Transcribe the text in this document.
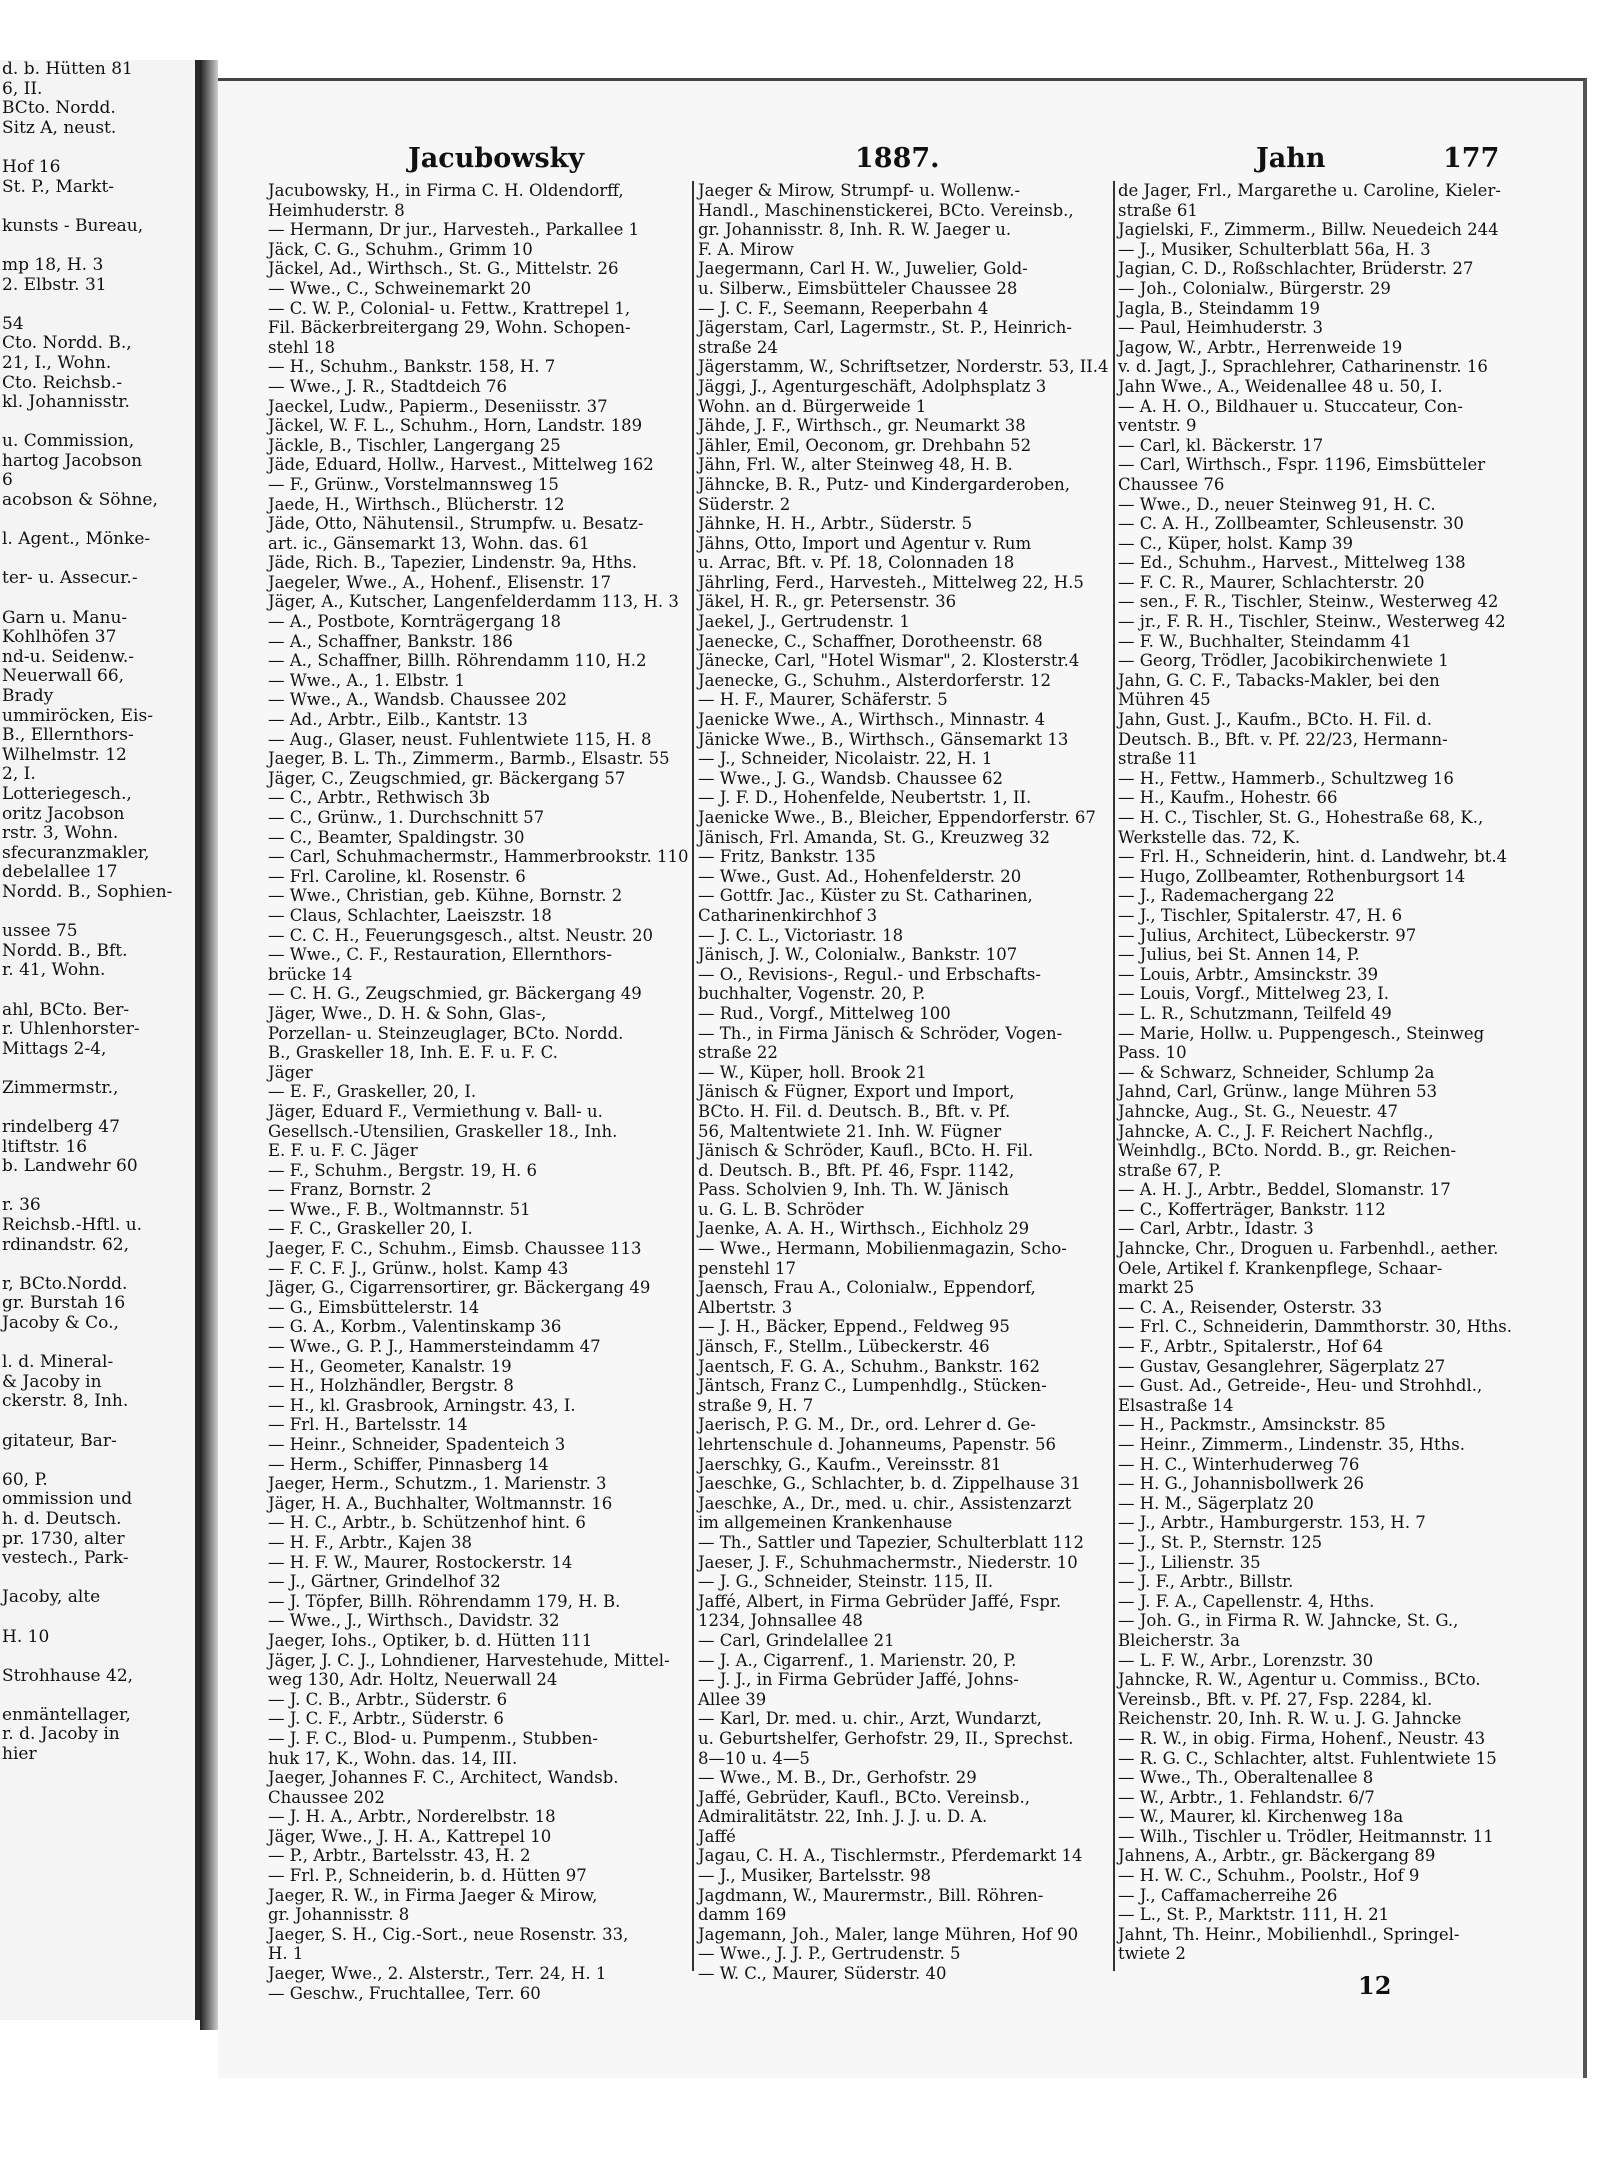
d. b. Hütten 81
6, II.
BCto. Nordd.
Sitz A, neust.

Hof 16
St. P., Markt-

kunsts - Bureau,

mp 18, H. 3
2. Elbstr. 31

54
Cto. Nordd. B.,
21, I., Wohn.
Cto. Reichsb.-
kl. Johannisstr.

u. Commission,
hartog Jacobson
6
acobson & Söhne,

l. Agent., Mönke-

ter- u. Assecur.-

Garn u. Manu-
Kohlhöfen 37
nd-u. Seidenw.-
Neuerwall 66,
Brady
ummiröcken, Eis-
B., Ellernthors-
Wilhelmstr. 12
2, I.
Lotteriegesch.,
oritz Jacobson
rstr. 3, Wohn.
sfecuranzmakler,
debelallee 17
Nordd. B., Sophien-

ussee 75
Nordd. B., Bft.
r. 41, Wohn.

ahl, BCto. Ber-
r. Uhlenhorster-
Mittags 2-4,

Zimmermstr.,

rindelberg 47
ltiftstr. 16
b. Landwehr 60

r. 36
Reichsb.-Hftl. u.
rdinandstr. 62,

r, BCto.Nordd.
gr. Burstah 16
Jacoby & Co.,

l. d. Mineral-
& Jacoby in
ckerstr. 8, Inh.

gitateur, Bar-

60, P.
ommission und
h. d. Deutsch.
pr. 1730, alter
vestech., Park-

Jacoby, alte

H. 10

Strohhause 42,

enmäntellager,
r. d. Jacoby in
hier
Jacubowsky	1887.	Jahn	177
Jacubowsky, H., in Firma C. H. Oldendorff,
Heimhuderstr. 8
— Hermann, Dr jur., Harvesteh., Parkallee 1
Jäck, C. G., Schuhm., Grimm 10
Jäckel, Ad., Wirthsch., St. G., Mittelstr. 26
— Wwe., C., Schweinemarkt 20
— C. W. P., Colonial- u. Fettw., Krattrepel 1,
Fil. Bäckerbreitergang 29, Wohn. Schopen-
stehl 18
— H., Schuhm., Bankstr. 158, H. 7
— Wwe., J. R., Stadtdeich 76
Jaeckel, Ludw., Papierm., Deseniisstr. 37
Jäckel, W. F. L., Schuhm., Horn, Landstr. 189
Jäckle, B., Tischler, Langergang 25
Jäde, Eduard, Hollw., Harvest., Mittelweg 162
— F., Grünw., Vorstelmannsweg 15
Jaede, H., Wirthsch., Blücherstr. 12
Jäde, Otto, Nähutensil., Strumpfw. u. Besatz-
art. ic., Gänsemarkt 13, Wohn. das. 61
Jäde, Rich. B., Tapezier, Lindenstr. 9a, Hths.
Jaegeler, Wwe., A., Hohenf., Elisenstr. 17
Jäger, A., Kutscher, Langenfelderdamm 113, H. 3
— A., Postbote, Kornträgergang 18
— A., Schaffner, Bankstr. 186
— A., Schaffner, Billh. Röhrendamm 110, H.2
— Wwe., A., 1. Elbstr. 1
— Wwe., A., Wandsb. Chaussee 202
— Ad., Arbtr., Eilb., Kantstr. 13
— Aug., Glaser, neust. Fuhlentwiete 115, H. 8
Jaeger, B. L. Th., Zimmerm., Barmb., Elsastr. 55
Jäger, C., Zeugschmied, gr. Bäckergang 57
— C., Arbtr., Rethwisch 3b
— C., Grünw., 1. Durchschnitt 57
— C., Beamter, Spaldingstr. 30
— Carl, Schuhmachermstr., Hammerbrookstr. 110
— Frl. Caroline, kl. Rosenstr. 6
— Wwe., Christian, geb. Kühne, Bornstr. 2
— Claus, Schlachter, Laeiszstr. 18
— C. C. H., Feuerungsgesch., altst. Neustr. 20
— Wwe., C. F., Restauration, Ellernthors-
brücke 14
— C. H. G., Zeugschmied, gr. Bäckergang 49
Jäger, Wwe., D. H. & Sohn, Glas-,
Porzellan- u. Steinzeuglager, BCto. Nordd.
B., Graskeller 18, Inh. E. F. u. F. C.
Jäger
— E. F., Graskeller, 20, I.
Jäger, Eduard F., Vermiethung v. Ball- u.
Gesellsch.-Utensilien, Graskeller 18., Inh.
E. F. u. F. C. Jäger
— F., Schuhm., Bergstr. 19, H. 6
— Franz, Bornstr. 2
— Wwe., F. B., Woltmannstr. 51
— F. C., Graskeller 20, I.
Jaeger, F. C., Schuhm., Eimsb. Chaussee 113
— F. C. F. J., Grünw., holst. Kamp 43
Jäger, G., Cigarrensortirer, gr. Bäckergang 49
— G., Eimsbüttelerstr. 14
— G. A., Korbm., Valentinskamp 36
— Wwe., G. P. J., Hammersteindamm 47
— H., Geometer, Kanalstr. 19
— H., Holzhändler, Bergstr. 8
— H., kl. Grasbrook, Arningstr. 43, I.
— Frl. H., Bartelsstr. 14
— Heinr., Schneider, Spadenteich 3
— Herm., Schiffer, Pinnasberg 14
Jaeger, Herm., Schutzm., 1. Marienstr. 3
Jäger, H. A., Buchhalter, Woltmannstr. 16
— H. C., Arbtr., b. Schützenhof hint. 6
— H. F., Arbtr., Kajen 38
— H. F. W., Maurer, Rostockerstr. 14
— J., Gärtner, Grindelhof 32
— J. Töpfer, Billh. Röhrendamm 179, H. B.
— Wwe., J., Wirthsch., Davidstr. 32
Jaeger, Iohs., Optiker, b. d. Hütten 111
Jäger, J. C. J., Lohndiener, Harvestehude, Mittel-
weg 130, Adr. Holtz, Neuerwall 24
— J. C. B., Arbtr., Süderstr. 6
— J. C. F., Arbtr., Süderstr. 6
— J. F. C., Blod- u. Pumpenm., Stubben-
huk 17, K., Wohn. das. 14, III.
Jaeger, Johannes F. C., Architect, Wandsb.
Chaussee 202
— J. H. A., Arbtr., Norderelbstr. 18
Jäger, Wwe., J. H. A., Kattrepel 10
— P., Arbtr., Bartelsstr. 43, H. 2
— Frl. P., Schneiderin, b. d. Hütten 97
Jaeger, R. W., in Firma Jaeger & Mirow,
gr. Johannisstr. 8
Jaeger, S. H., Cig.-Sort., neue Rosenstr. 33,
H. 1
Jaeger, Wwe., 2. Alsterstr., Terr. 24, H. 1
— Geschw., Fruchtallee, Terr. 60
Jaeger & Mirow, Strumpf- u. Wollenw.-
Handl., Maschinenstickerei, BCto. Vereinsb.,
gr. Johannisstr. 8, Inh. R. W. Jaeger u.
F. A. Mirow
Jaegermann, Carl H. W., Juwelier, Gold-
u. Silberw., Eimsbütteler Chaussee 28
— J. C. F., Seemann, Reeperbahn 4
Jägerstam, Carl, Lagermstr., St. P., Heinrich-
straße 24
Jägerstamm, W., Schriftsetzer, Norderstr. 53, II.4
Jäggi, J., Agenturgeschäft, Adolphsplatz 3
Wohn. an d. Bürgerweide 1
Jähde, J. F., Wirthsch., gr. Neumarkt 38
Jähler, Emil, Oeconom, gr. Drehbahn 52
Jähn, Frl. W., alter Steinweg 48, H. B.
Jähncke, B. R., Putz- und Kindergarderoben,
Süderstr. 2
Jähnke, H. H., Arbtr., Süderstr. 5
Jähns, Otto, Import und Agentur v. Rum
u. Arrac, Bft. v. Pf. 18, Colonnaden 18
Jährling, Ferd., Harvesteh., Mittelweg 22, H.5
Jäkel, H. R., gr. Petersenstr. 36
Jaekel, J., Gertrudenstr. 1
Jaenecke, C., Schaffner, Dorotheenstr. 68
Jänecke, Carl, "Hotel Wismar", 2. Klosterstr.4
Jaenecke, G., Schuhm., Alsterdorferstr. 12
— H. F., Maurer, Schäferstr. 5
Jaenicke Wwe., A., Wirthsch., Minnastr. 4
Jänicke Wwe., B., Wirthsch., Gänsemarkt 13
— J., Schneider, Nicolaistr. 22, H. 1
— Wwe., J. G., Wandsb. Chaussee 62
— J. F. D., Hohenfelde, Neubertstr. 1, II.
Jaenicke Wwe., B., Bleicher, Eppendorferstr. 67
Jänisch, Frl. Amanda, St. G., Kreuzweg 32
— Fritz, Bankstr. 135
— Wwe., Gust. Ad., Hohenfelderstr. 20
— Gottfr. Jac., Küster zu St. Catharinen,
Catharinenkirchhof 3
— J. C. L., Victoriastr. 18
Jänisch, J. W., Colonialw., Bankstr. 107
— O., Revisions-, Regul.- und Erbschafts-
buchhalter, Vogenstr. 20, P.
— Rud., Vorgf., Mittelweg 100
— Th., in Firma Jänisch & Schröder, Vogen-
straße 22
— W., Küper, holl. Brook 21
Jänisch & Fügner, Export und Import,
BCto. H. Fil. d. Deutsch. B., Bft. v. Pf.
56, Maltentwiete 21. Inh. W. Fügner
Jänisch & Schröder, Kaufl., BCto. H. Fil.
d. Deutsch. B., Bft. Pf. 46, Fspr. 1142,
Pass. Scholvien 9, Inh. Th. W. Jänisch
u. G. L. B. Schröder
Jaenke, A. A. H., Wirthsch., Eichholz 29
— Wwe., Hermann, Mobilienmagazin, Scho-
penstehl 17
Jaensch, Frau A., Colonialw., Eppendorf,
Albertstr. 3
— J. H., Bäcker, Eppend., Feldweg 95
Jänsch, F., Stellm., Lübeckerstr. 46
Jaentsch, F. G. A., Schuhm., Bankstr. 162
Jäntsch, Franz C., Lumpenhdlg., Stücken-
straße 9, H. 7
Jaerisch, P. G. M., Dr., ord. Lehrer d. Ge-
lehrtenschule d. Johanneums, Papenstr. 56
Jaerschky, G., Kaufm., Vereinsstr. 81
Jaeschke, G., Schlachter, b. d. Zippelhause 31
Jaeschke, A., Dr., med. u. chir., Assistenzarzt
im allgemeinen Krankenhause
— Th., Sattler und Tapezier, Schulterblatt 112
Jaeser, J. F., Schuhmachermstr., Niederstr. 10
— J. G., Schneider, Steinstr. 115, II.
Jaffé, Albert, in Firma Gebrüder Jaffé, Fspr.
1234, Johnsallee 48
— Carl, Grindelallee 21
— J. A., Cigarrenf., 1. Marienstr. 20, P.
— J. J., in Firma Gebrüder Jaffé, Johns-
Allee 39
— Karl, Dr. med. u. chir., Arzt, Wundarzt,
u. Geburtshelfer, Gerhofstr. 29, II., Sprechst.
8—10 u. 4—5
— Wwe., M. B., Dr., Gerhofstr. 29
Jaffé, Gebrüder, Kaufl., BCto. Vereinsb.,
Admiralitätstr. 22, Inh. J. J. u. D. A.
Jaffé
Jagau, C. H. A., Tischlermstr., Pferdemarkt 14
— J., Musiker, Bartelsstr. 98
Jagdmann, W., Maurermstr., Bill. Röhren-
damm 169
Jagemann, Joh., Maler, lange Mühren, Hof 90
— Wwe., J. J. P., Gertrudenstr. 5
— W. C., Maurer, Süderstr. 40
de Jager, Frl., Margarethe u. Caroline, Kieler-
straße 61
Jagielski, F., Zimmerm., Billw. Neuedeich 244
— J., Musiker, Schulterblatt 56a, H. 3
Jagian, C. D., Roßschlachter, Brüderstr. 27
— Joh., Colonialw., Bürgerstr. 29
Jagla, B., Steindamm 19
— Paul, Heimhuderstr. 3
Jagow, W., Arbtr., Herrenweide 19
v. d. Jagt, J., Sprachlehrer, Catharinenstr. 16
Jahn Wwe., A., Weidenallee 48 u. 50, I.
— A. H. O., Bildhauer u. Stuccateur, Con-
ventstr. 9
— Carl, kl. Bäckerstr. 17
— Carl, Wirthsch., Fspr. 1196, Eimsbütteler
Chaussee 76
— Wwe., D., neuer Steinweg 91, H. C.
— C. A. H., Zollbeamter, Schleusenstr. 30
— C., Küper, holst. Kamp 39
— Ed., Schuhm., Harvest., Mittelweg 138
— F. C. R., Maurer, Schlachterstr. 20
— sen., F. R., Tischler, Steinw., Westerweg 42
— jr., F. R. H., Tischler, Steinw., Westerweg 42
— F. W., Buchhalter, Steindamm 41
— Georg, Trödler, Jacobikirchenwiete 1
Jahn, G. C. F., Tabacks-Makler, bei den
Mühren 45
Jahn, Gust. J., Kaufm., BCto. H. Fil. d.
Deutsch. B., Bft. v. Pf. 22/23, Hermann-
straße 11
— H., Fettw., Hammerb., Schultzweg 16
— H., Kaufm., Hohestr. 66
— H. C., Tischler, St. G., Hohestraße 68, K.,
Werkstelle das. 72, K.
— Frl. H., Schneiderin, hint. d. Landwehr, bt.4
— Hugo, Zollbeamter, Rothenburgsort 14
— J., Rademachergang 22
— J., Tischler, Spitalerstr. 47, H. 6
— Julius, Architect, Lübeckerstr. 97
— Julius, bei St. Annen 14, P.
— Louis, Arbtr., Amsinckstr. 39
— Louis, Vorgf., Mittelweg 23, I.
— L. R., Schutzmann, Teilfeld 49
— Marie, Hollw. u. Puppengesch., Steinweg
Pass. 10
— & Schwarz, Schneider, Schlump 2a
Jahnd, Carl, Grünw., lange Mühren 53
Jahncke, Aug., St. G., Neuestr. 47
Jahncke, A. C., J. F. Reichert Nachflg.,
Weinhdlg., BCto. Nordd. B., gr. Reichen-
straße 67, P.
— A. H. J., Arbtr., Beddel, Slomanstr. 17
— C., Kofferträger, Bankstr. 112
— Carl, Arbtr., Idastr. 3
Jahncke, Chr., Droguen u. Farbenhdl., aether.
Oele, Artikel f. Krankenpflege, Schaar-
markt 25
— C. A., Reisender, Osterstr. 33
— Frl. C., Schneiderin, Dammthorstr. 30, Hths.
— F., Arbtr., Spitalerstr., Hof 64
— Gustav, Gesanglehrer, Sägerplatz 27
— Gust. Ad., Getreide-, Heu- und Strohhdl.,
Elsastraße 14
— H., Packmstr., Amsinckstr. 85
— Heinr., Zimmerm., Lindenstr. 35, Hths.
— H. C., Winterhuderweg 76
— H. G., Johannisbollwerk 26
— H. M., Sägerplatz 20
— J., Arbtr., Hamburgerstr. 153, H. 7
— J., St. P., Sternstr. 125
— J., Lilienstr. 35
— J. F., Arbtr., Billstr.
— J. F. A., Capellenstr. 4, Hths.
— Joh. G., in Firma R. W. Jahncke, St. G.,
Bleicherstr. 3a
— L. F. W., Arbr., Lorenzstr. 30
Jahncke, R. W., Agentur u. Commiss., BCto.
Vereinsb., Bft. v. Pf. 27, Fsp. 2284, kl.
Reichenstr. 20, Inh. R. W. u. J. G. Jahncke
— R. W., in obig. Firma, Hohenf., Neustr. 43
— R. G. C., Schlachter, altst. Fuhlentwiete 15
— Wwe., Th., Oberaltenallee 8
— W., Arbtr., 1. Fehlandstr. 6/7
— W., Maurer, kl. Kirchenweg 18a
— Wilh., Tischler u. Trödler, Heitmannstr. 11
Jahnens, A., Arbtr., gr. Bäckergang 89
— H. W. C., Schuhm., Poolstr., Hof 9
— J., Caffamacherreihe 26
— L., St. P., Marktstr. 111, H. 21
Jahnt, Th. Heinr., Mobilienhdl., Springel-
twiete 2
12
